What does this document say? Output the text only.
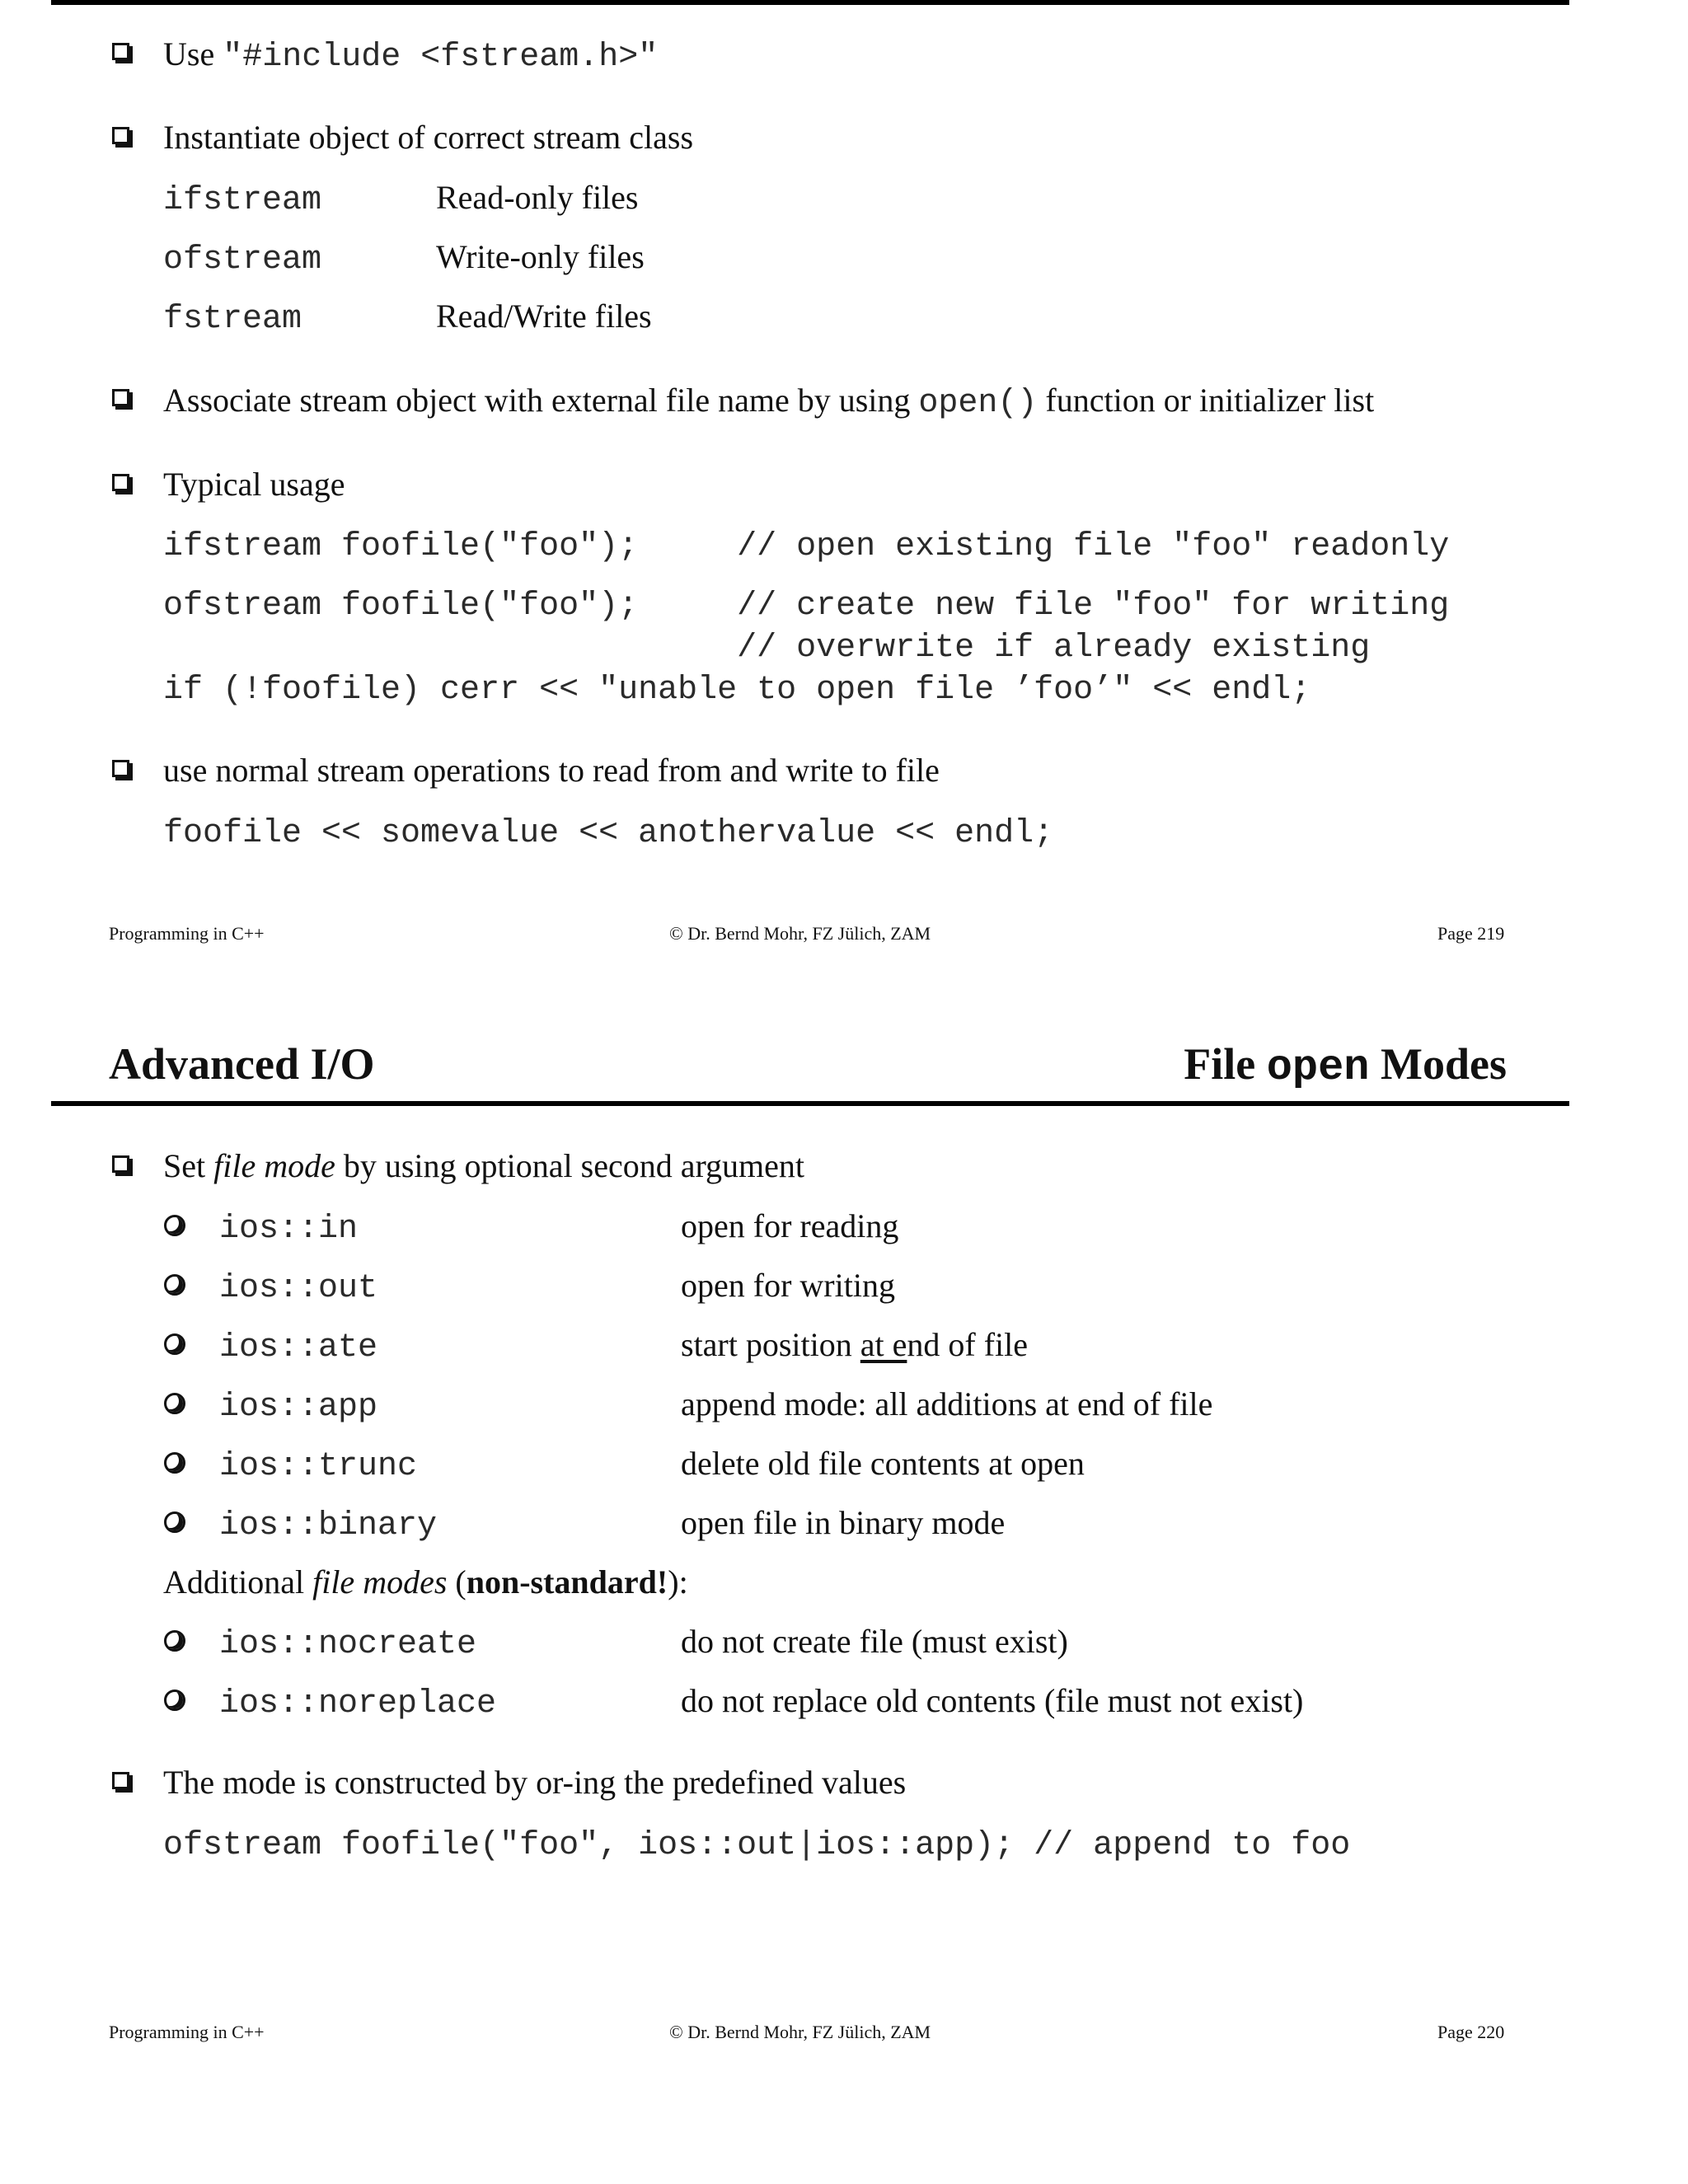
Use "#include <fstream.h>"
Instantiate object of correct stream class
ifstream	Read-only files
ofstream	Write-only files
fstream	Read/Write files
Associate stream object with external file name by using open() function or initializer list
Typical usage
ifstream foofile("foo");     // open existing file "foo" readonly
ofstream foofile("foo");     // create new file "foo" for writing
// overwrite if already existing
if (!foofile) cerr << "unable to open file ’foo’" << endl;
use normal stream operations to read from and write to file
foofile << somevalue << anothervalue << endl;
Programming in C++	© Dr. Bernd Mohr, FZ Jülich, ZAM	Page 219
Advanced I/O	File open Modes
Set file mode by using optional second argument
ios::in	open for reading
ios::out	open for writing
ios::ate	start position at end of file
ios::app	append mode: all additions at end of file
ios::trunc	delete old file contents at open
ios::binary	open file in binary mode
Additional file modes (non-standard!):
ios::nocreate	do not create file (must exist)
ios::noreplace	do not replace old contents (file must not exist)
The mode is constructed by or-ing the predefined values
ofstream foofile("foo", ios::out|ios::app); // append to foo
Programming in C++	© Dr. Bernd Mohr, FZ Jülich, ZAM	Page 220
